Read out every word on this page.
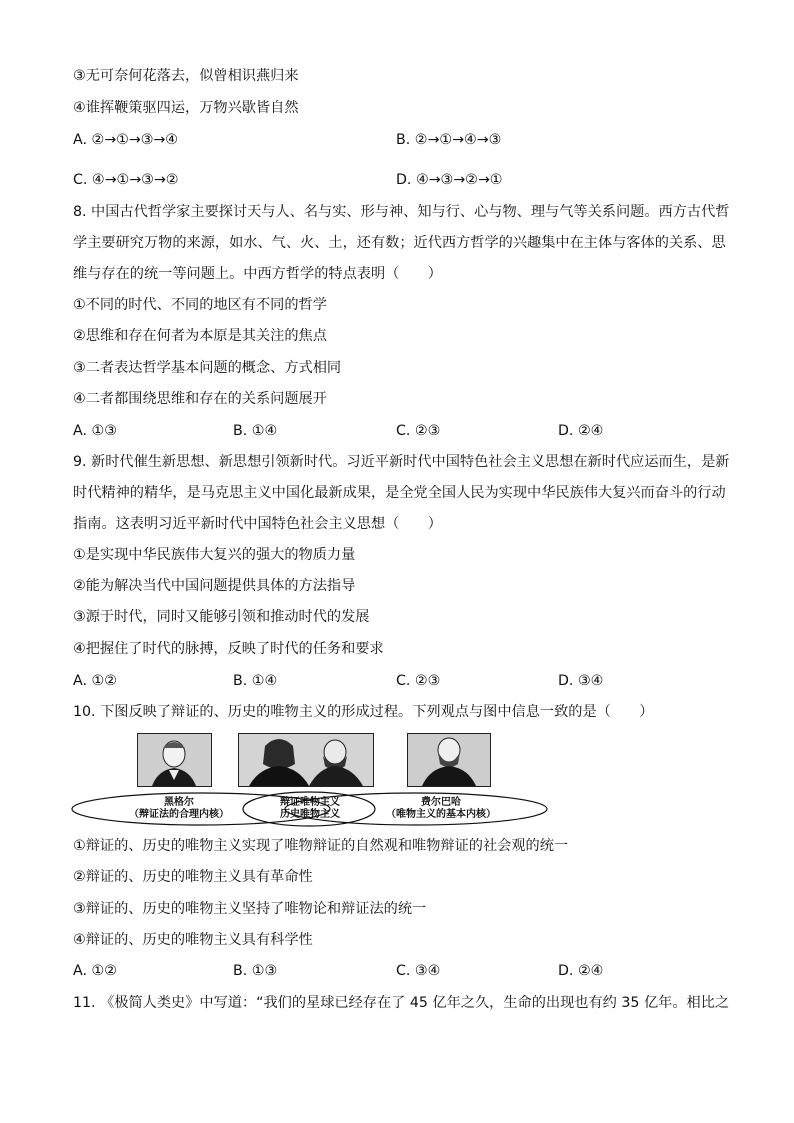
③无可奈何花落去，似曾相识燕归来
④谁挥鞭策驱四运，万物兴歇皆自然
A. ②→①→③→④	B. ②→①→④→③
C. ④→①→③→②	D. ④→③→②→①
8. 中国古代哲学家主要探讨天与人、名与实、形与神、知与行、心与物、理与气等关系问题。西方古代哲
学主要研究万物的来源，如水、气、火、土，还有数；近代西方哲学的兴趣集中在主体与客体的关系、思
维与存在的统一等问题上。中西方哲学的特点表明（　　）
①不同的时代、不同的地区有不同的哲学
②思维和存在何者为本原是其关注的焦点
③二者表达哲学基本问题的概念、方式相同
④二者都围绕思维和存在的关系问题展开
A. ①③	B. ①④	C. ②③	D. ②④
9. 新时代催生新思想、新思想引领新时代。习近平新时代中国特色社会主义思想在新时代应运而生，是新
时代精神的精华，是马克思主义中国化最新成果，是全党全国人民为实现中华民族伟大复兴而奋斗的行动
指南。这表明习近平新时代中国特色社会主义思想（　　）
①是实现中华民族伟大复兴的强大的物质力量
②能为解决当代中国问题提供具体的方法指导
③源于时代，同时又能够引领和推动时代的发展
④把握住了时代的脉搏，反映了时代的任务和要求
A. ①②	B. ①④	C. ②③	D. ③④
10. 下图反映了辩证的、历史的唯物主义的形成过程。下列观点与图中信息一致的是（　　）
黑格尔
（辩证法的合理内核）
辩证唯物主义
历史唯物主义
费尔巴哈
（唯物主义的基本内核）
①辩证的、历史的唯物主义实现了唯物辩证的自然观和唯物辩证的社会观的统一
②辩证的、历史的唯物主义具有革命性
③辩证的、历史的唯物主义坚持了唯物论和辩证法的统一
④辩证的、历史的唯物主义具有科学性
A. ①②	B. ①③	C. ③④	D. ②④
11. 《极简人类史》中写道：“我们的星球已经存在了 45 亿年之久，生命的出现也有约 35 亿年。相比之
